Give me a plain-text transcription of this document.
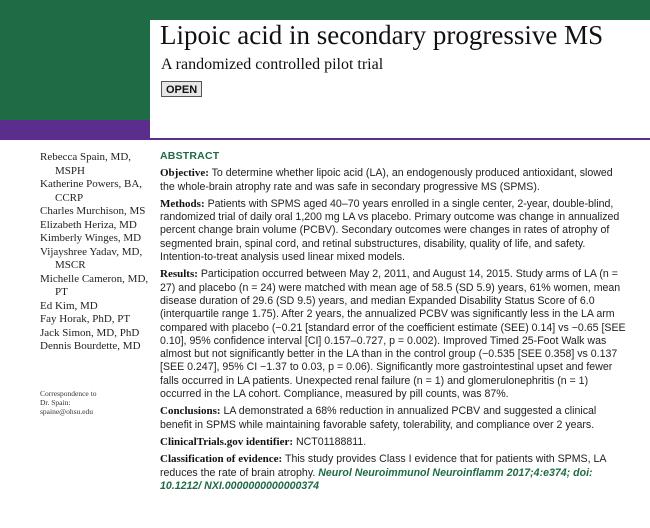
Lipoic acid in secondary progressive MS
A randomized controlled pilot trial
OPEN
Rebecca Spain, MD,
MSPH
Katherine Powers, BA,
CCRP
Charles Murchison, MS
Elizabeth Heriza, MD
Kimberly Winges, MD
Vijayshree Yadav, MD,
MSCR
Michelle Cameron, MD,
PT
Ed Kim, MD
Fay Horak, PhD, PT
Jack Simon, MD, PhD
Dennis Bourdette, MD
Correspondence to
Dr. Spain:
spaine@ohsu.edu
ABSTRACT

Objective: To determine whether lipoic acid (LA), an endogenously produced antioxidant, slowed the whole-brain atrophy rate and was safe in secondary progressive MS (SPMS).

Methods: Patients with SPMS aged 40–70 years enrolled in a single center, 2-year, double-blind, randomized trial of daily oral 1,200 mg LA vs placebo. Primary outcome was change in annualized percent change brain volume (PCBV). Secondary outcomes were changes in rates of atrophy of segmented brain, spinal cord, and retinal substructures, disability, quality of life, and safety. Intention-to-treat analysis used linear mixed models.

Results: Participation occurred between May 2, 2011, and August 14, 2015. Study arms of LA (n = 27) and placebo (n = 24) were matched with mean age of 58.5 (SD 5.9) years, 61% women, mean disease duration of 29.6 (SD 9.5) years, and median Expanded Disability Status Score of 6.0 (interquartile range 1.75). After 2 years, the annualized PCBV was significantly less in the LA arm compared with placebo (−0.21 [standard error of the coefficient estimate (SEE) 0.14] vs −0.65 [SEE 0.10], 95% confidence interval [CI] 0.157–0.727, p = 0.002). Improved Timed 25-Foot Walk was almost but not significantly better in the LA than in the control group (−0.535 [SEE 0.358] vs 0.137 [SEE 0.247], 95% CI −1.37 to 0.03, p = 0.06). Significantly more gastrointestinal upset and fewer falls occurred in LA patients. Unexpected renal failure (n = 1) and glomerulonephritis (n = 1) occurred in the LA cohort. Compliance, measured by pill counts, was 87%.

Conclusions: LA demonstrated a 68% reduction in annualized PCBV and suggested a clinical benefit in SPMS while maintaining favorable safety, tolerability, and compliance over 2 years.

ClinicalTrials.gov identifier: NCT01188811.

Classification of evidence: This study provides Class I evidence that for patients with SPMS, LA reduces the rate of brain atrophy. Neurol Neuroimmunol Neuroinflamm 2017;4:e374; doi: 10.1212/ NXI.0000000000000374
